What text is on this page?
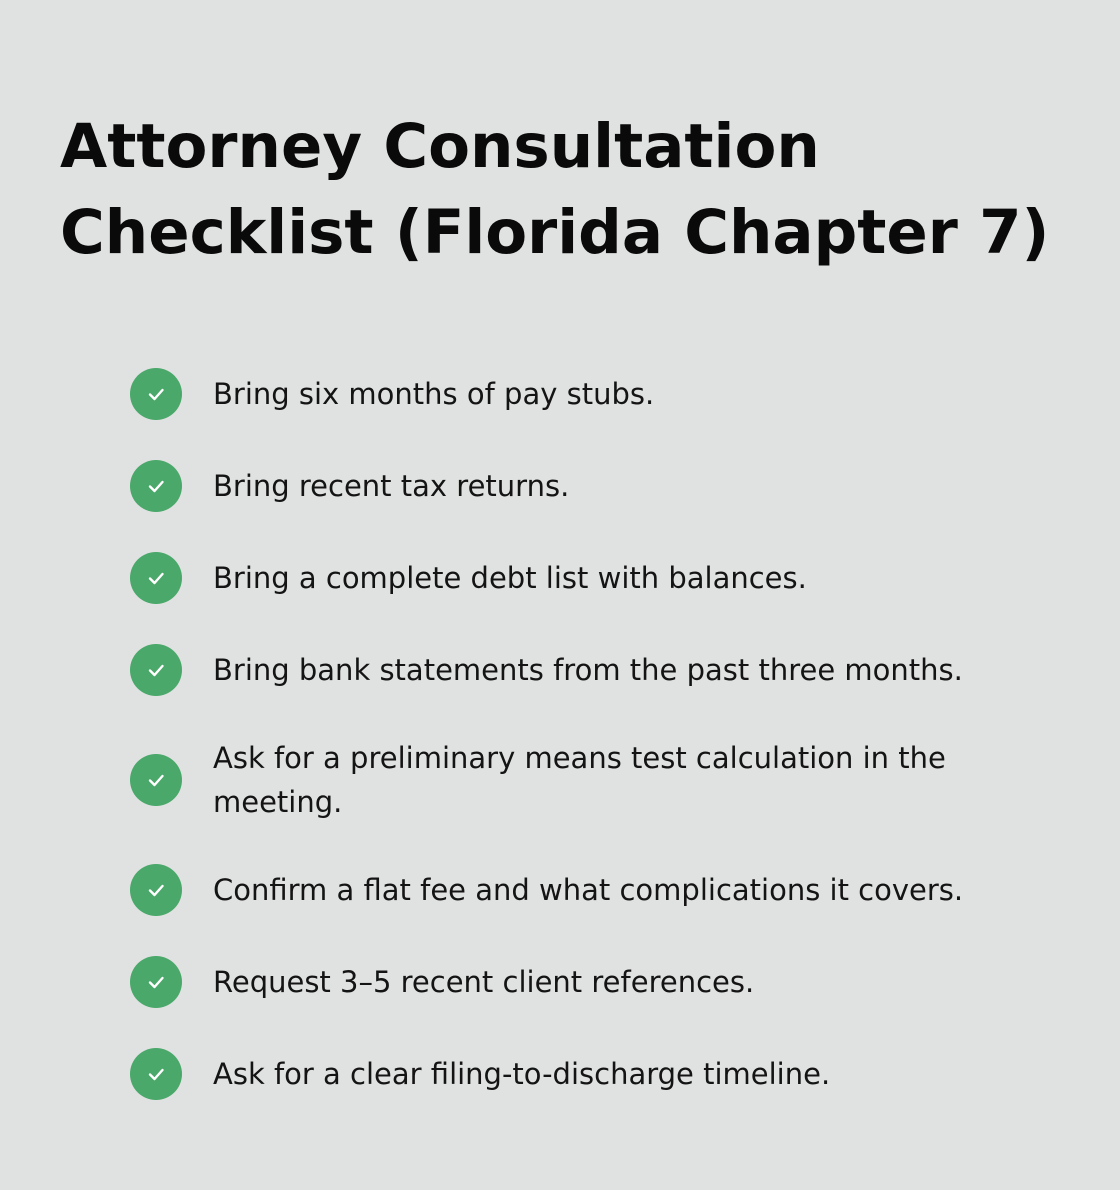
Attorney Consultation Checklist (Florida Chapter 7)
Bring six months of pay stubs.
Bring recent tax returns.
Bring a complete debt list with balances.
Bring bank statements from the past three months.
Ask for a preliminary means test calculation in the meeting.
Confirm a flat fee and what complications it covers.
Request 3–5 recent client references.
Ask for a clear filing-to-discharge timeline.
